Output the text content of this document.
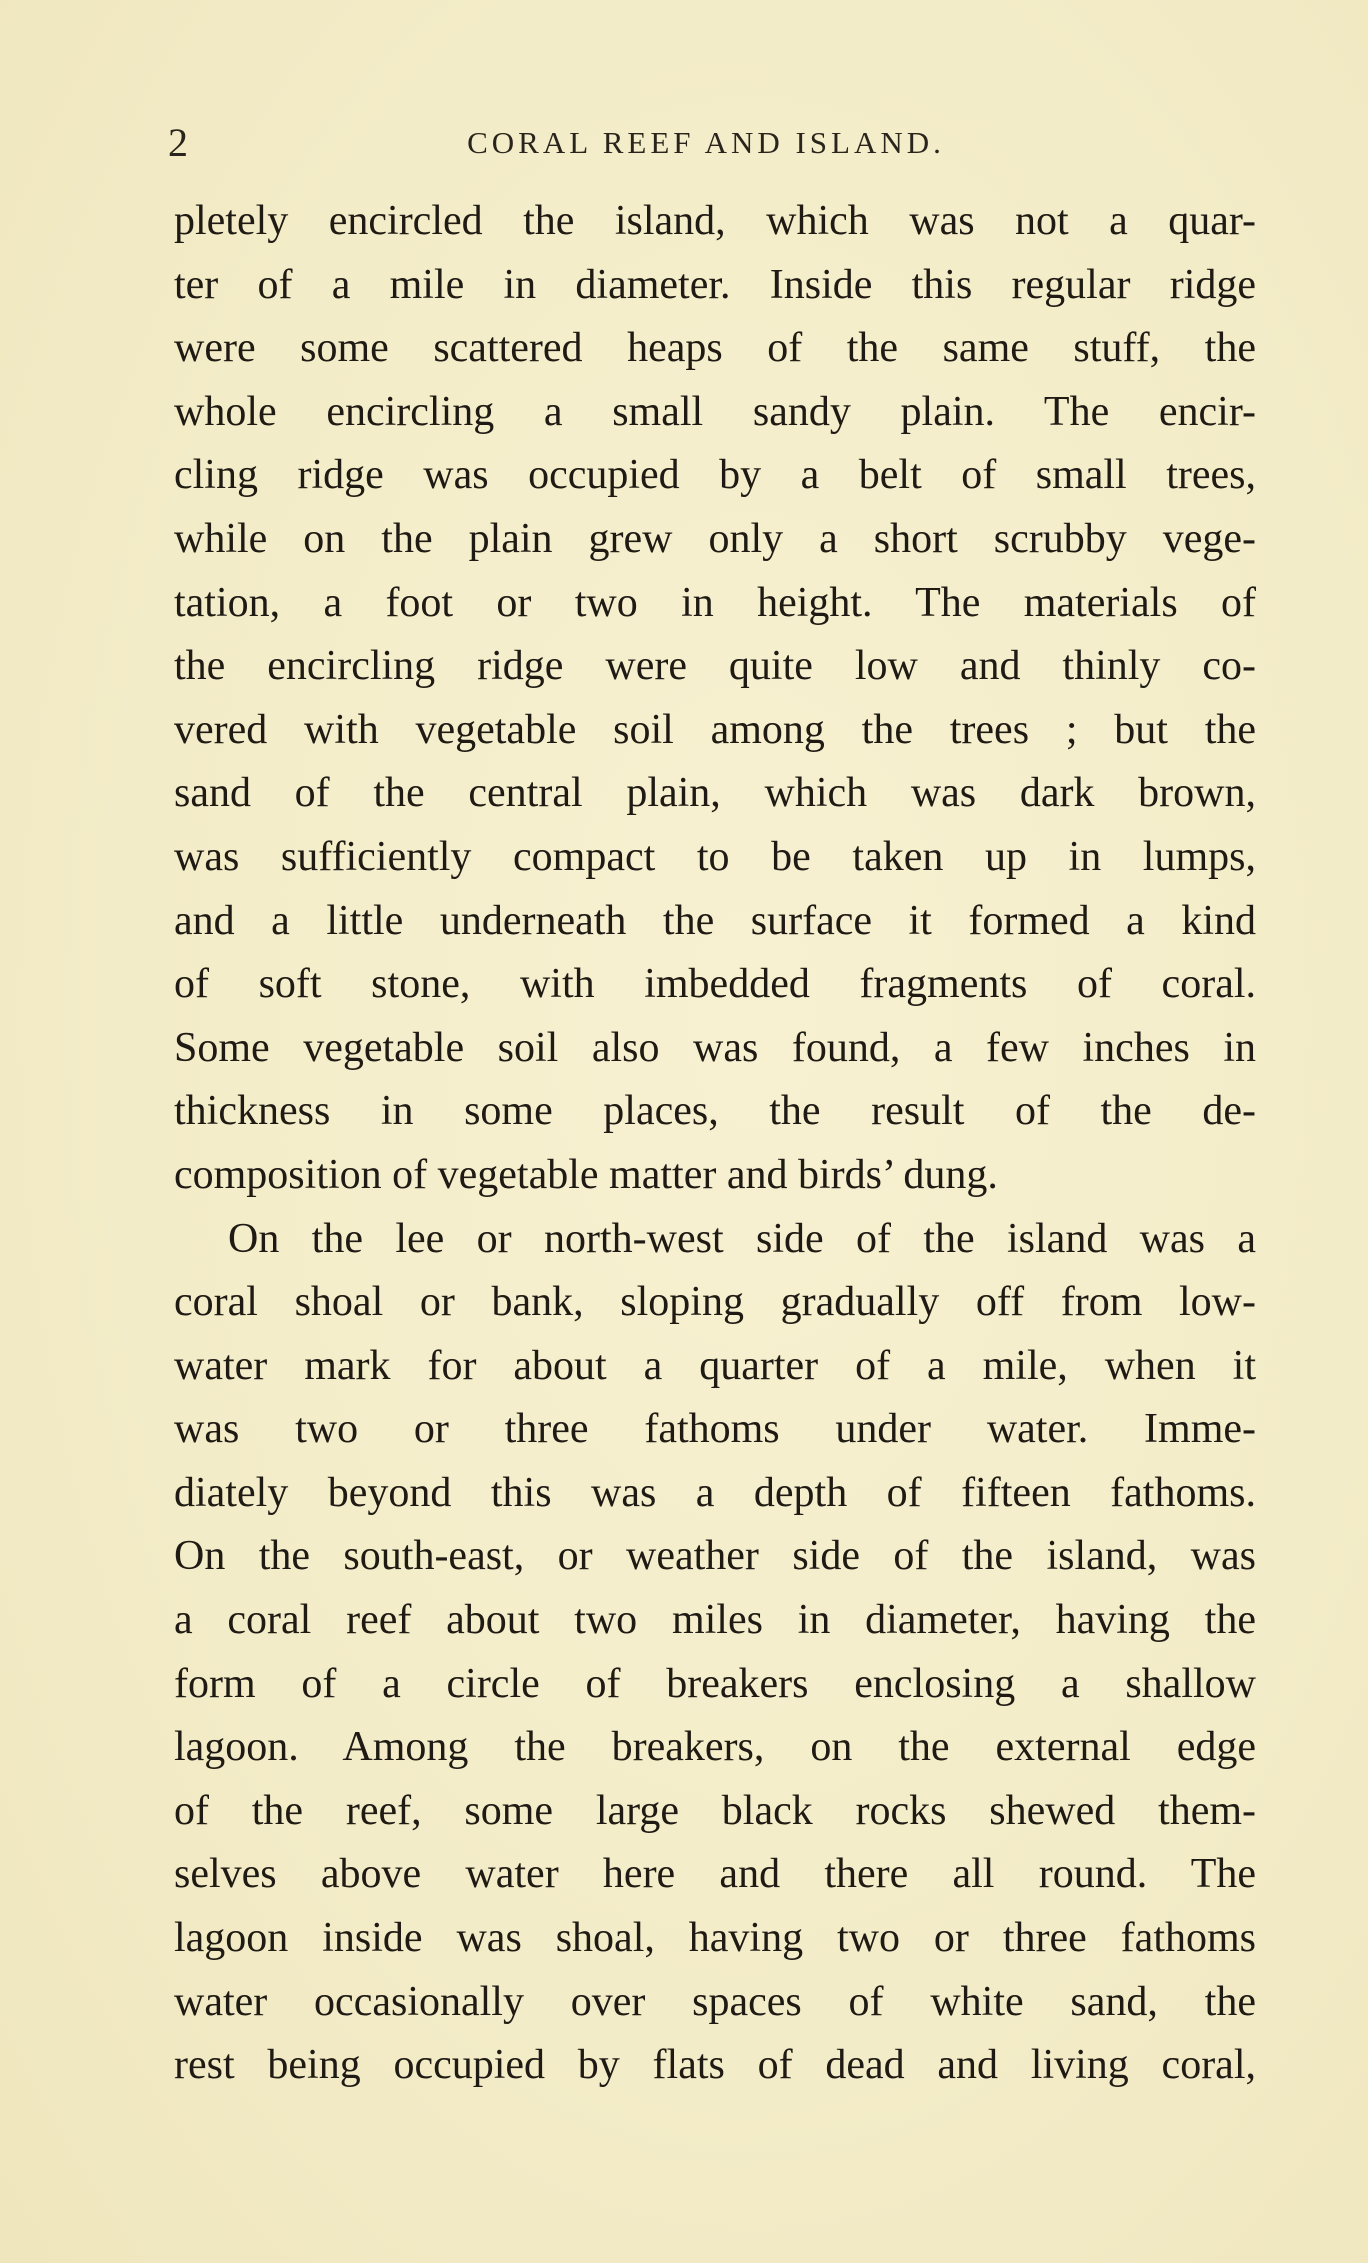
2	CORAL REEF AND ISLAND.
pletely encircled the island, which was not a quar-
ter of a mile in diameter. Inside this regular ridge
were some scattered heaps of the same stuff, the
whole encircling a small sandy plain. The encir-
cling ridge was occupied by a belt of small trees,
while on the plain grew only a short scrubby vege-
tation, a foot or two in height. The materials of
the encircling ridge were quite low and thinly co-
vered with vegetable soil among the trees ; but the
sand of the central plain, which was dark brown,
was sufficiently compact to be taken up in lumps,
and a little underneath the surface it formed a kind
of soft stone, with imbedded fragments of coral.
Some vegetable soil also was found, a few inches in
thickness in some places, the result of the de-
composition of vegetable matter and birds’ dung.
On the lee or north-west side of the island was a
coral shoal or bank, sloping gradually off from low-
water mark for about a quarter of a mile, when it
was two or three fathoms under water. Imme-
diately beyond this was a depth of fifteen fathoms.
On the south-east, or weather side of the island, was
a coral reef about two miles in diameter, having the
form of a circle of breakers enclosing a shallow
lagoon. Among the breakers, on the external edge
of the reef, some large black rocks shewed them-
selves above water here and there all round. The
lagoon inside was shoal, having two or three fathoms
water occasionally over spaces of white sand, the
rest being occupied by flats of dead and living coral,
